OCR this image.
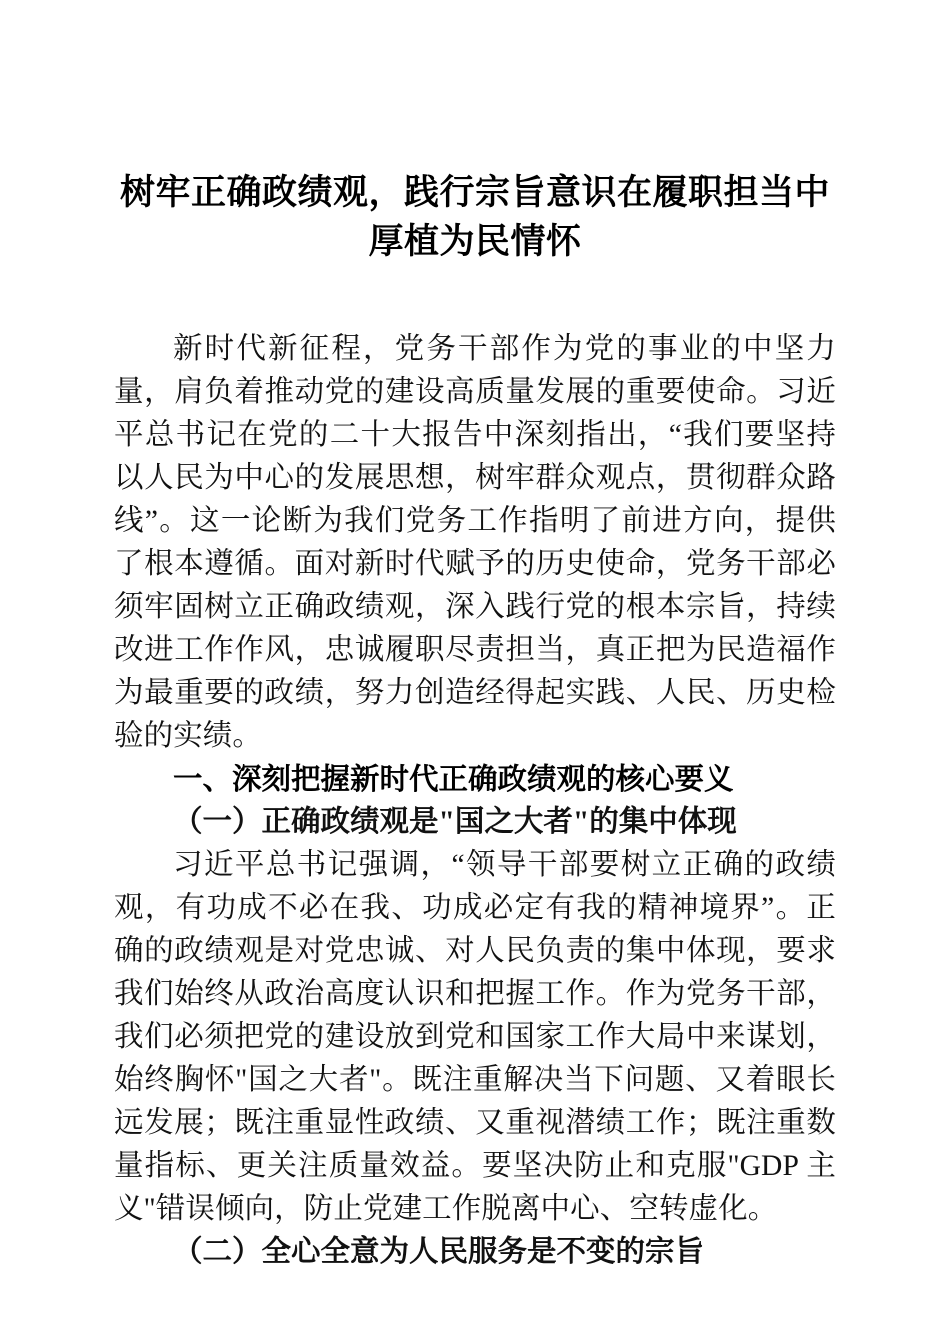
树牢正确政绩观，践行宗旨意识在履职担当中
厚植为民情怀

新时代新征程，党务干部作为党的事业的中坚力量，肩负着推动党的建设高质量发展的重要使命。习近平总书记在党的二十大报告中深刻指出，“我们要坚持以人民为中心的发展思想，树牢群众观点，贯彻群众路线”。这一论断为我们党务工作指明了前进方向，提供了根本遵循。面对新时代赋予的历史使命，党务干部必须牢固树立正确政绩观，深入践行党的根本宗旨，持续改进工作作风，忠诚履职尽责担当，真正把为民造福作为最重要的政绩，努力创造经得起实践、人民、历史检验的实绩。

一、深刻把握新时代正确政绩观的核心要义
（一）正确政绩观是"国之大者"的集中体现

习近平总书记强调，“领导干部要树立正确的政绩观，有功成不必在我、功成必定有我的精神境界”。正确的政绩观是对党忠诚、对人民负责的集中体现，要求我们始终从政治高度认识和把握工作。作为党务干部，我们必须把党的建设放到党和国家工作大局中来谋划，始终胸怀"国之大者"。既注重解决当下问题、又着眼长远发展；既注重显性政绩、又重视潜绩工作；既注重数量指标、更关注质量效益。要坚决防止和克服"GDP 主义"错误倾向，防止党建工作脱离中心、空转虚化。

（二）全心全意为人民服务是不变的宗旨
